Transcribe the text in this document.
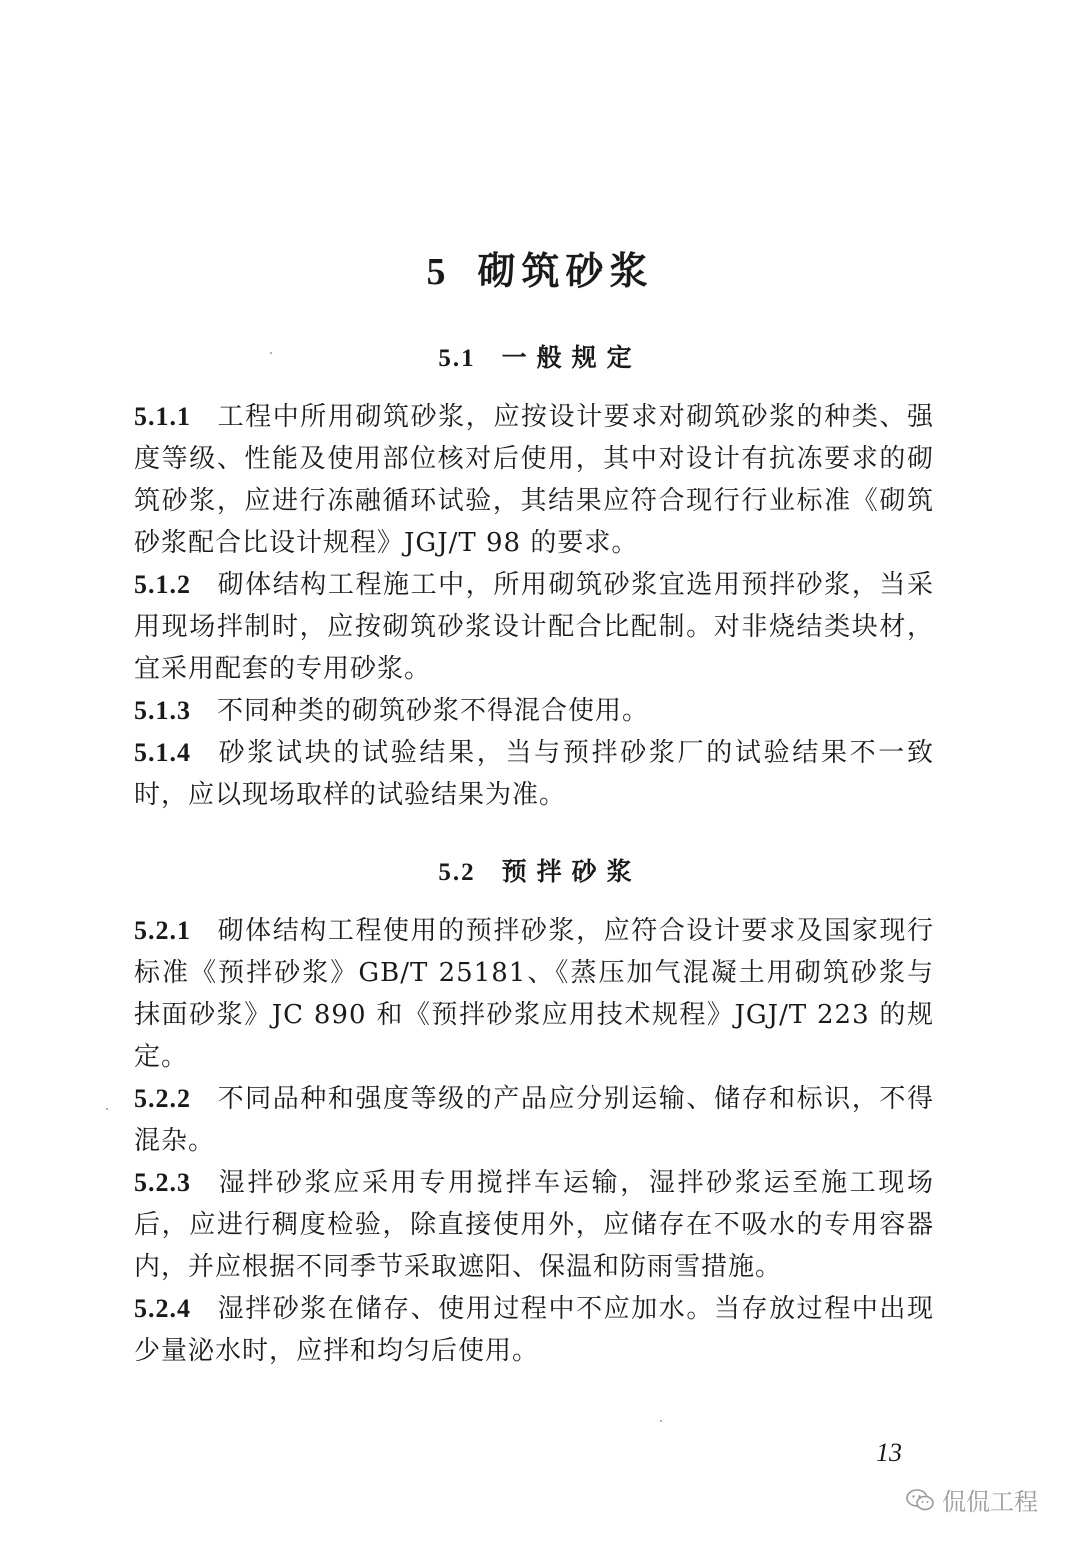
5 砌筑砂浆
5.1 一般规定

5.1.1 工程中所用砌筑砂浆，应按设计要求对砌筑砂浆的种类、强度等级、性能及使用部位核对后使用，其中对设计有抗冻要求的砌筑砂浆，应进行冻融循环试验，其结果应符合现行行业标准《砌筑砂浆配合比设计规程》JGJ/T 98 的要求。

5.1.2 砌体结构工程施工中，所用砌筑砂浆宜选用预拌砂浆，当采用现场拌制时，应按砌筑砂浆设计配合比配制。对非烧结类块材，宜采用配套的专用砂浆。

5.1.3 不同种类的砌筑砂浆不得混合使用。

5.1.4 砂浆试块的试验结果，当与预拌砂浆厂的试验结果不一致时，应以现场取样的试验结果为准。

5.2 预拌砂浆

5.2.1 砌体结构工程使用的预拌砂浆，应符合设计要求及国家现行标准《预拌砂浆》GB/T 25181、《蒸压加气混凝土用砌筑砂浆与抹面砂浆》JC 890 和《预拌砂浆应用技术规程》JGJ/T 223 的规定。

5.2.2 不同品种和强度等级的产品应分别运输、储存和标识，不得混杂。

5.2.3 湿拌砂浆应采用专用搅拌车运输，湿拌砂浆运至施工现场后，应进行稠度检验，除直接使用外，应储存在不吸水的专用容器内，并应根据不同季节采取遮阳、保温和防雨雪措施。

5.2.4 湿拌砂浆在储存、使用过程中不应加水。当存放过程中出现少量泌水时，应拌和均匀后使用。

13
侃侃工程
